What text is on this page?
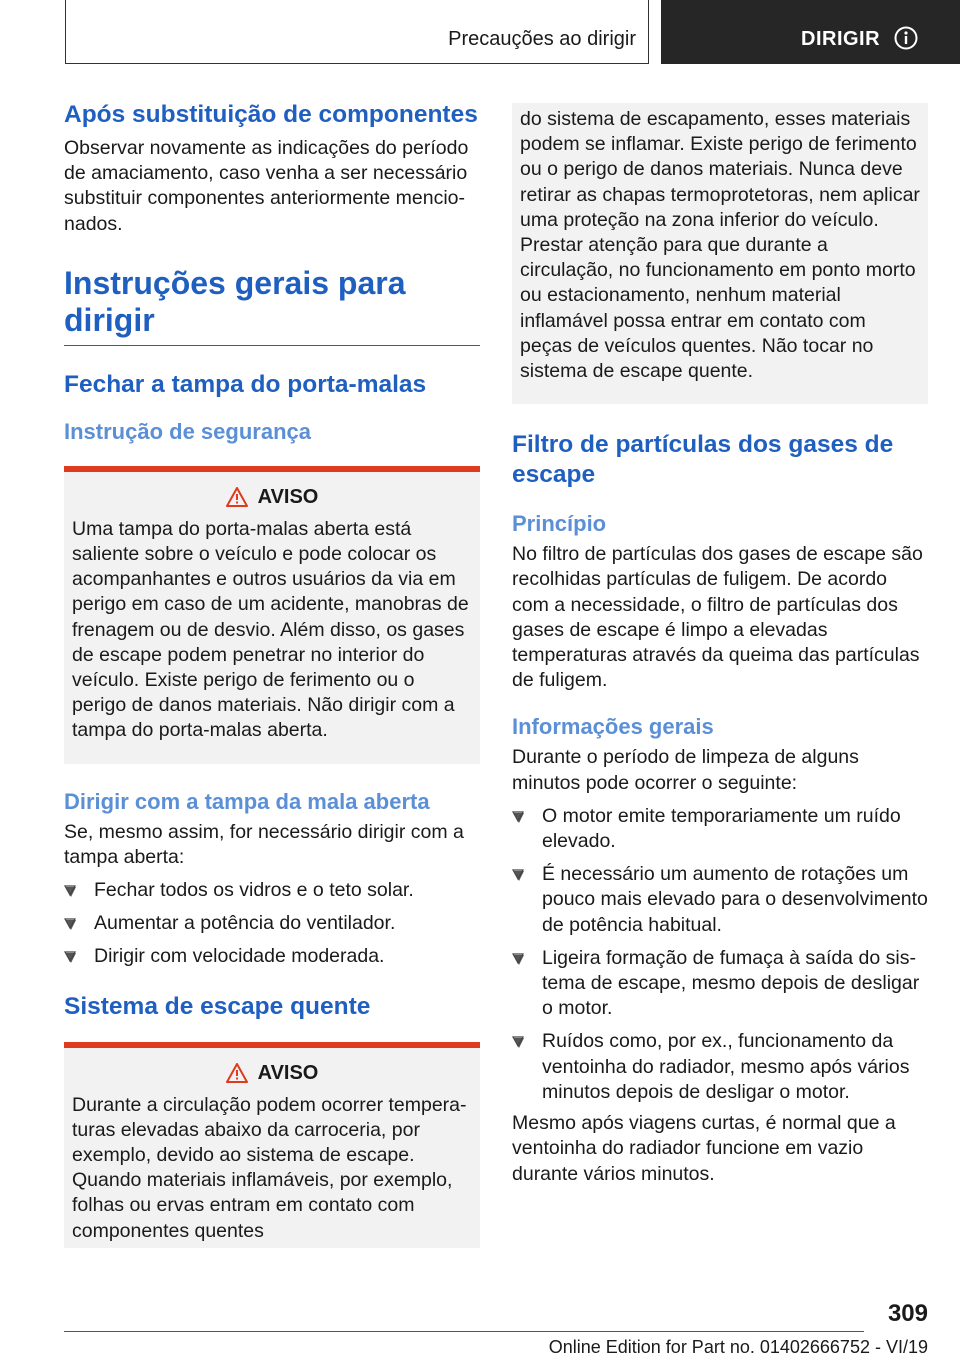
Precauções ao dirigir	DIRIGIR
Após substituição de componentes

Observar novamente as indicações do período de amaciamento, caso venha a ser necessário substituir componentes anteriormente mencionados.

Instruções gerais para dirigir
Fechar a tampa do porta-malas
Instrução de segurança
AVISO

Uma tampa do porta-malas aberta está saliente sobre o veículo e pode colocar os acompanhantes e outros usuários da via em perigo em caso de um acidente, manobras de frenagem ou de desvio. Além disso, os gases de escape podem penetrar no interior do veículo. Existe perigo de ferimento ou o perigo de danos materiais. Não dirigir com a tampa do porta-malas aberta.

Dirigir com a tampa da mala aberta

Se, mesmo assim, for necessário dirigir com a tampa aberta:

Fechar todos os vidros e o teto solar.
Aumentar a potência do ventilador.
Dirigir com velocidade moderada.
Sistema de escape quente
AVISO

Durante a circulação podem ocorrer temperaturas elevadas abaixo da carroceria, por exemplo, devido ao sistema de escape. Quando materiais inflamáveis, por exemplo, folhas ou ervas entram em contato com componentes quentes

do sistema de escapamento, esses materiais podem se inflamar. Existe perigo de ferimento ou o perigo de danos materiais. Nunca deve retirar as chapas termoprotetoras, nem aplicar uma proteção na zona inferior do veículo. Prestar atenção para que durante a circulação, no funcionamento em ponto morto ou estacionamento, nenhum material inflamável possa entrar em contato com peças de veículos quentes. Não tocar no sistema de escape quente.

Filtro de partículas dos gases de escape
Princípio

No filtro de partículas dos gases de escape são recolhidas partículas de fuligem. De acordo com a necessidade, o filtro de partículas dos gases de escape é limpo a elevadas temperaturas através da queima das partículas de fuligem.

Informações gerais

Durante o período de limpeza de alguns minutos pode ocorrer o seguinte:

O motor emite temporariamente um ruído elevado.
É necessário um aumento de rotações um pouco mais elevado para o desenvolvimento de potência habitual.
Ligeira formação de fumaça à saída do sistema de escape, mesmo depois de desligar o motor.
Ruídos como, por ex., funcionamento da ventoinha do radiador, mesmo após vários minutos depois de desligar o motor.

Mesmo após viagens curtas, é normal que a ventoinha do radiador funcione em vazio durante vários minutos.

309
Online Edition for Part no. 01402666752 - VI/19
